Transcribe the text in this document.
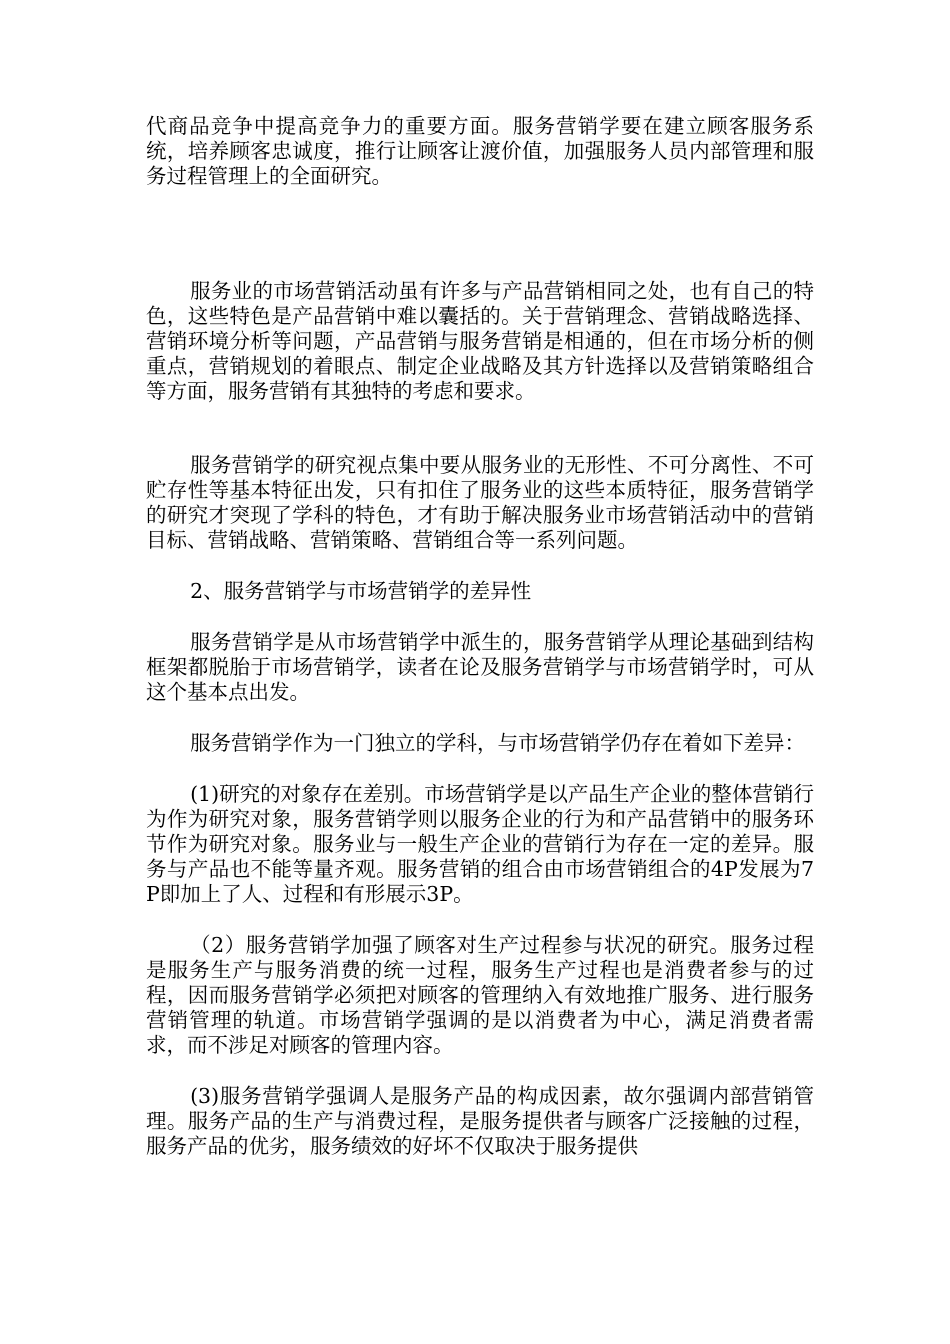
代商品竞争中提高竞争力的重要方面。服务营销学要在建立顾客服务系统，培养顾客忠诚度，推行让顾客让渡价值，加强服务人员内部管理和服务过程管理上的全面研究。

服务业的市场营销活动虽有许多与产品营销相同之处，也有自己的特色，这些特色是产品营销中难以囊括的。关于营销理念、营销战略选择、营销环境分析等问题，产品营销与服务营销是相通的，但在市场分析的侧重点，营销规划的着眼点、制定企业战略及其方针选择以及营销策略组合等方面，服务营销有其独特的考虑和要求。

服务营销学的研究视点集中要从服务业的无形性、不可分离性、不可贮存性等基本特征出发，只有扣住了服务业的这些本质特征，服务营销学的研究才突现了学科的特色，才有助于解决服务业市场营销活动中的营销目标、营销战略、营销策略、营销组合等一系列问题。

2、服务营销学与市场营销学的差异性

服务营销学是从市场营销学中派生的，服务营销学从理论基础到结构框架都脱胎于市场营销学，读者在论及服务营销学与市场营销学时，可从这个基本点出发。

服务营销学作为一门独立的学科，与市场营销学仍存在着如下差异：

(1)研究的对象存在差别。市场营销学是以产品生产企业的整体营销行为作为研究对象，服务营销学则以服务企业的行为和产品营销中的服务环节作为研究对象。服务业与一般生产企业的营销行为存在一定的差异。服务与产品也不能等量齐观。服务营销的组合由市场营销组合的4P发展为7P即加上了人、过程和有形展示3P。

（2）服务营销学加强了顾客对生产过程参与状况的研究。服务过程是服务生产与服务消费的统一过程，服务生产过程也是消费者参与的过程，因而服务营销学必须把对顾客的管理纳入有效地推广服务、进行服务营销管理的轨道。市场营销学强调的是以消费者为中心，满足消费者需求，而不涉足对顾客的管理内容。

(3)服务营销学强调人是服务产品的构成因素，故尔强调内部营销管理。服务产品的生产与消费过程，是服务提供者与顾客广泛接触的过程，服务产品的优劣，服务绩效的好坏不仅取决于服务提供
